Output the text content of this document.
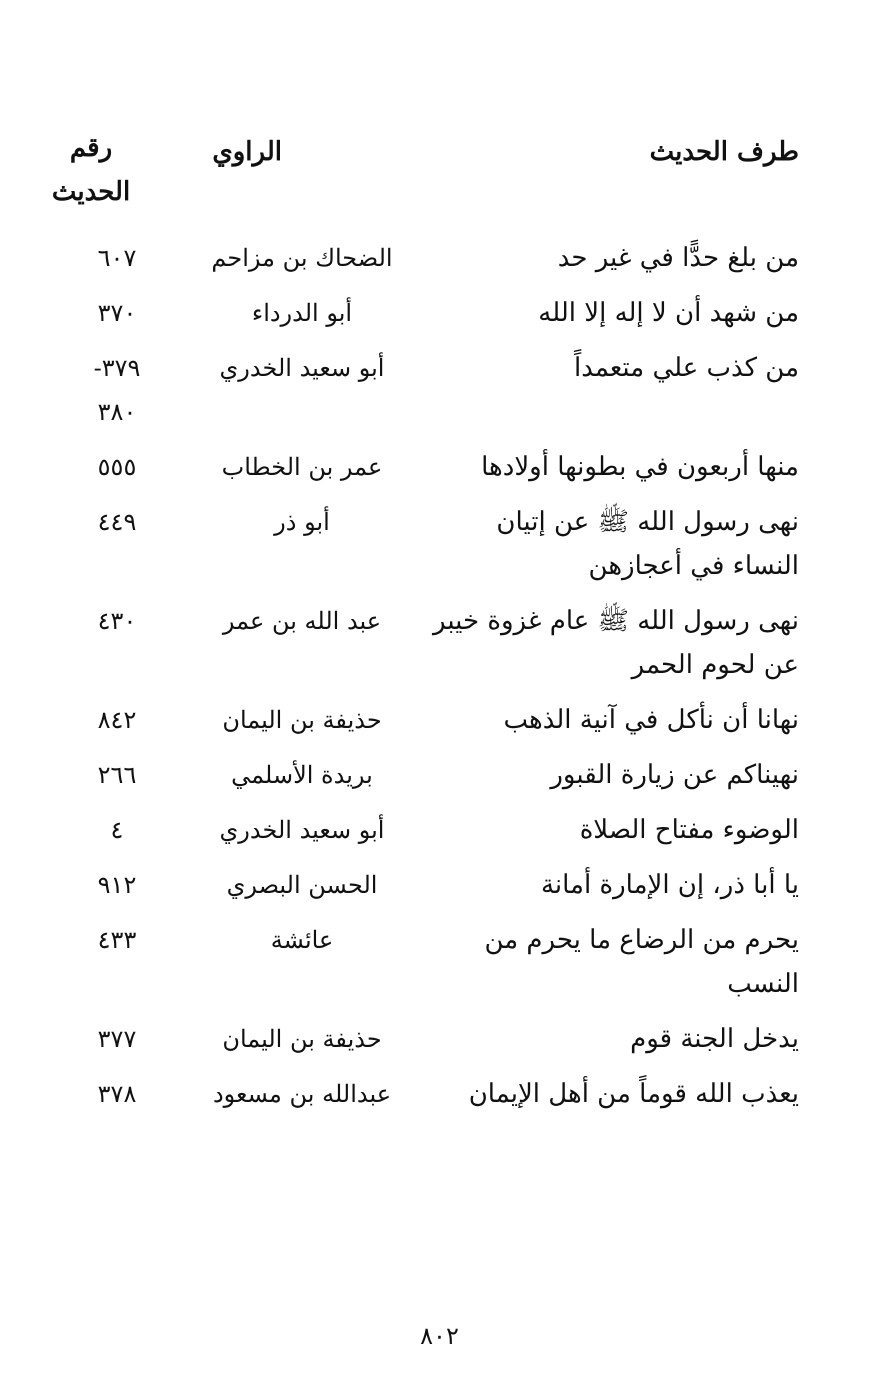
طرف الحديث
الراوي
رقم الحديث
من بلغ حدًّا في غير حد
الضحاك بن مزاحم
٦٠٧
من شهد أن لا إله إلا الله
أبو الدرداء
٣٧٠
من كذب علي متعمداً
أبو سعيد الخدري
٣٧٩- ٣٨٠
منها أربعون في بطونها أولادها
عمر بن الخطاب
٥٥٥
نهى رسول الله ﷺ عن إتيان النساء في أعجازهن
أبو ذر
٤٤٩
نهى رسول الله ﷺ عام غزوة خيبر عن لحوم الحمر
عبد الله بن عمر
٤٣٠
نهانا أن نأكل في آنية الذهب
حذيفة بن اليمان
٨٤٢
نهيناكم عن زيارة القبور
بريدة الأسلمي
٢٦٦
الوضوء مفتاح الصلاة
أبو سعيد الخدري
٤
يا أبا ذر، إن الإمارة أمانة
الحسن البصري
٩١٢
يحرم من الرضاع ما يحرم من النسب
عائشة
٤٣٣
يدخل الجنة قوم
حذيفة بن اليمان
٣٧٧
يعذب الله قوماً من أهل الإيمان
عبدالله بن مسعود
٣٧٨
٨٠٢
